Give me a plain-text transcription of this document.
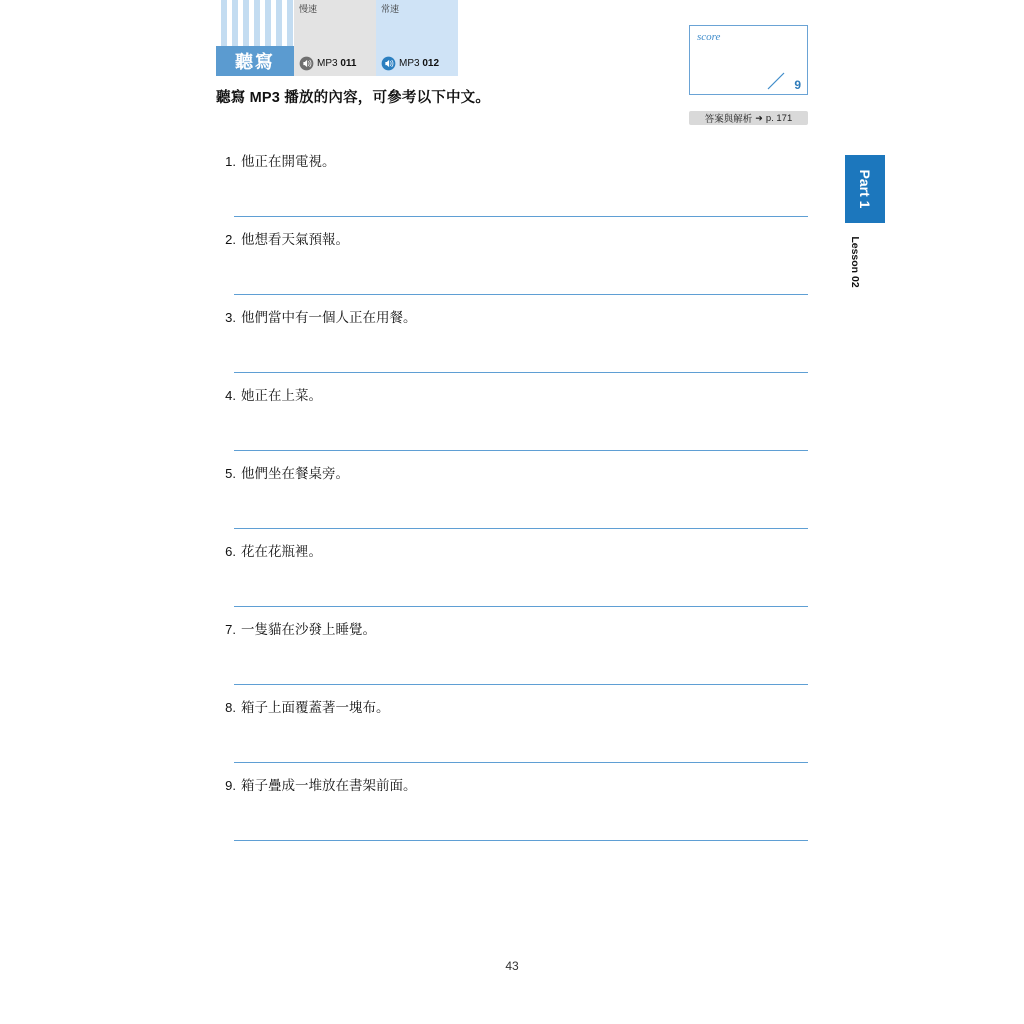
聽寫
慢速
MP3 011
常速
MP3 012
score
9
答案與解析 ➜ p. 171
聽寫 MP3 播放的內容，可參考以下中文。
1. 他正在開電視。
2. 他想看天氣預報。
3. 他們當中有一個人正在用餐。
4. 她正在上菜。
5. 他們坐在餐桌旁。
6. 花在花瓶裡。
7. 一隻貓在沙發上睡覺。
8. 箱子上面覆蓋著一塊布。
9. 箱子疊成一堆放在書架前面。
Part 1
Lesson 02
43
